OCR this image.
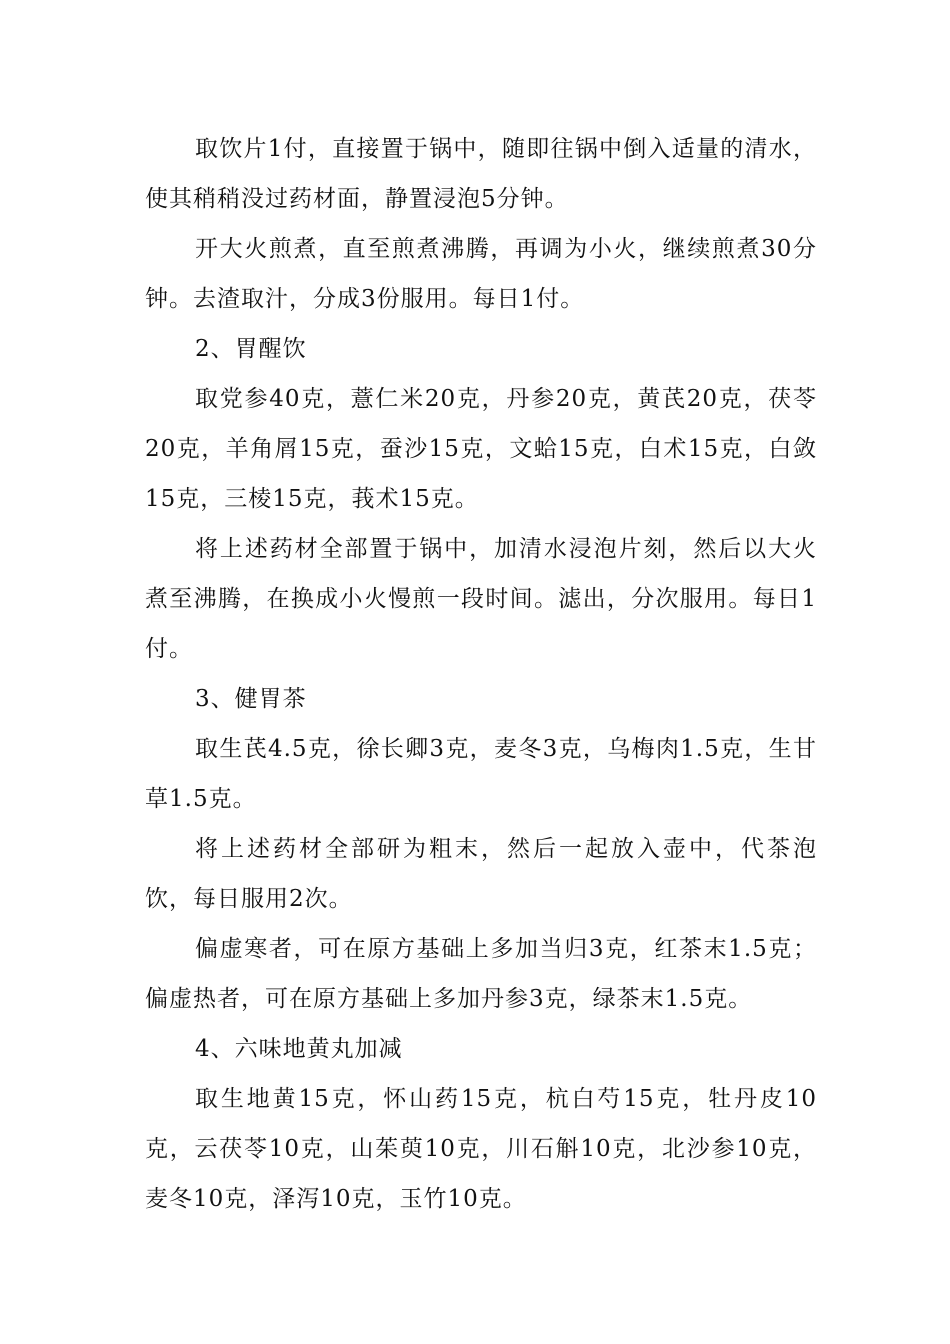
取饮片1付，直接置于锅中，随即往锅中倒入适量的清水，使其稍稍没过药材面，静置浸泡5分钟。

开大火煎煮，直至煎煮沸腾，再调为小火，继续煎煮30分钟。去渣取汁，分成3份服用。每日1付。

2、胃醒饮

取党参40克，薏仁米20克，丹参20克，黄芪20克，茯苓20克，羊角屑15克，蚕沙15克，文蛤15克，白术15克，白敛15克，三棱15克，莪术15克。

将上述药材全部置于锅中，加清水浸泡片刻，然后以大火煮至沸腾，在换成小火慢煎一段时间。滤出，分次服用。每日1付。

3、健胃茶

取生芪4.5克，徐长卿3克，麦冬3克，乌梅肉1.5克，生甘草1.5克。

将上述药材全部研为粗末，然后一起放入壶中，代茶泡饮，每日服用2次。

偏虚寒者，可在原方基础上多加当归3克，红茶末1.5克；偏虚热者，可在原方基础上多加丹参3克，绿茶末1.5克。

4、六味地黄丸加减

取生地黄15克，怀山药15克，杭白芍15克，牡丹皮10克，云茯苓10克，山茱萸10克，川石斛10克，北沙参10克，麦冬10克，泽泻10克，玉竹10克。
